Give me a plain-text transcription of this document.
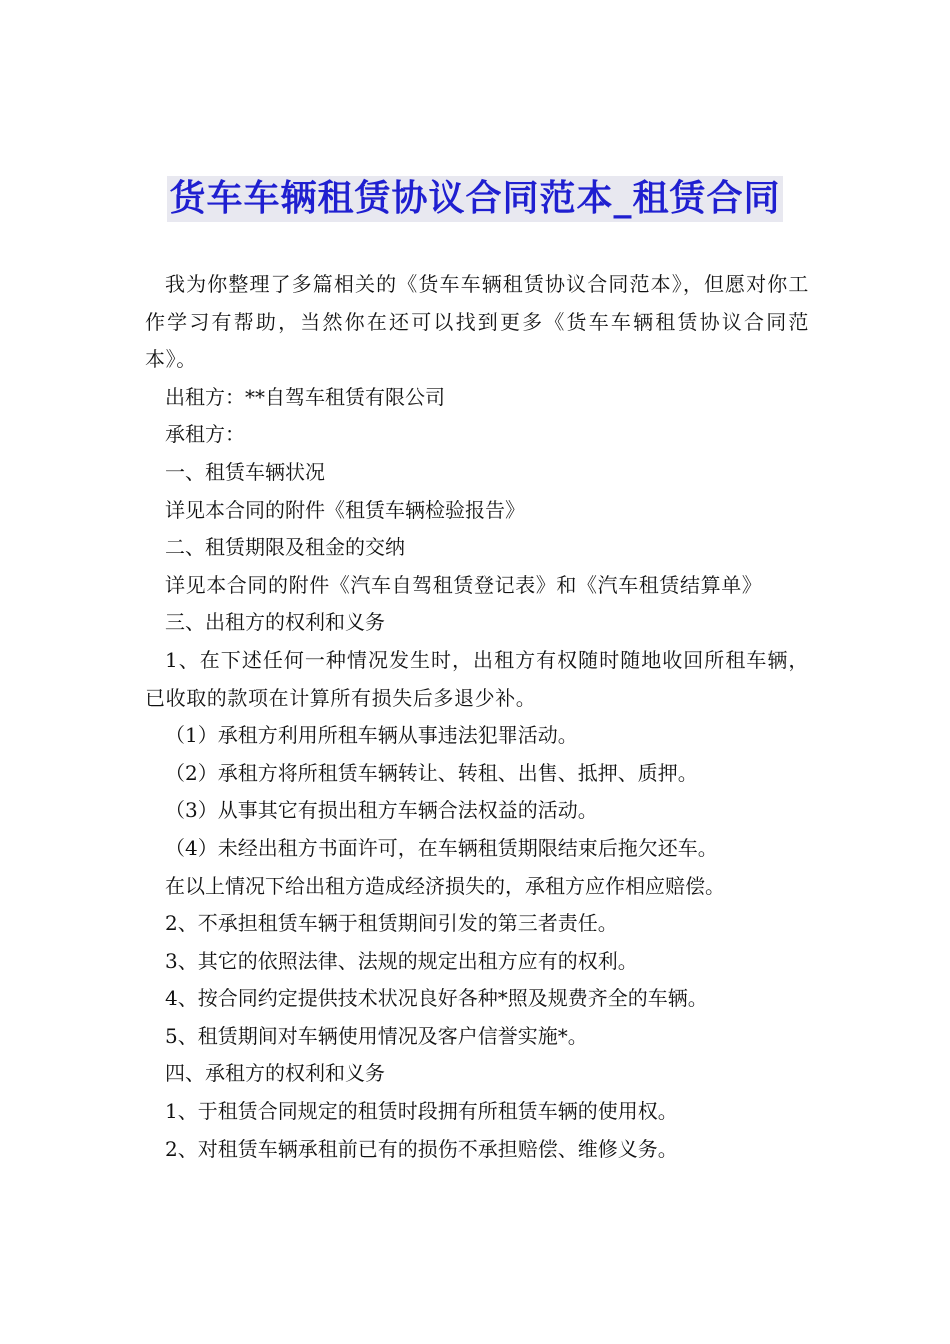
货车车辆租赁协议合同范本_租赁合同

我为你整理了多篇相关的《货车车辆租赁协议合同范本》，但愿对你工作学习有帮助，当然你在还可以找到更多《货车车辆租赁协议合同范本》。

出租方：**自驾车租赁有限公司

承租方：

一、租赁车辆状况

详见本合同的附件《租赁车辆检验报告》

二、租赁期限及租金的交纳

详见本合同的附件《汽车自驾租赁登记表》和《汽车租赁结算单》

三、出租方的权利和义务

1、在下述任何一种情况发生时，出租方有权随时随地收回所租车辆，已收取的款项在计算所有损失后多退少补。

（1）承租方利用所租车辆从事违法犯罪活动。

（2）承租方将所租赁车辆转让、转租、出售、抵押、质押。

（3）从事其它有损出租方车辆合法权益的活动。

（4）未经出租方书面许可，在车辆租赁期限结束后拖欠还车。

在以上情况下给出租方造成经济损失的，承租方应作相应赔偿。

2、不承担租赁车辆于租赁期间引发的第三者责任。

3、其它的依照法律、法规的规定出租方应有的权利。

4、按合同约定提供技术状况良好各种*照及规费齐全的车辆。

5、租赁期间对车辆使用情况及客户信誉实施*。

四、承租方的权利和义务

1、于租赁合同规定的租赁时段拥有所租赁车辆的使用权。

2、对租赁车辆承租前已有的损伤不承担赔偿、维修义务。
